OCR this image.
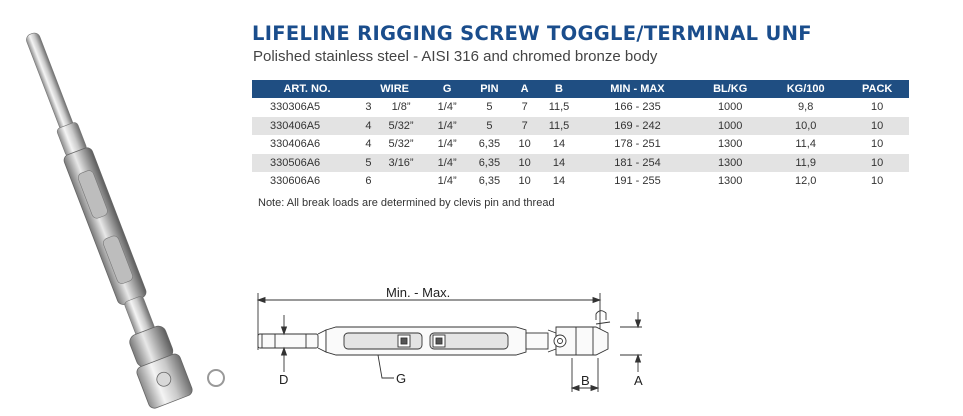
LIFELINE RIGGING SCREW TOGGLE/TERMINAL UNF

Polished stainless steel - AISI 316 and chromed bronze body

ART. NO.	WIRE		G	PIN	A	B	MIN - MAX	BL/KG	KG/100	PACK
330306A5	3	1/8”	1/4”	5	7	11,5	166 - 235	1000	9,8	10
330406A5	4	5/32”	1/4”	5	7	11,5	169 - 242	1000	10,0	10
330406A6	4	5/32”	1/4”	6,35	10	14	178 - 251	1300	11,4	10
330506A6	5	3/16”	1/4”	6,35	10	14	181 - 254	1300	11,9	10
330606A6	6		1/4”	6,35	10	14	191 - 255	1300	12,0	10

Note: All break loads are determined by clevis pin and thread

Min. - Max.
D	G	B	A
